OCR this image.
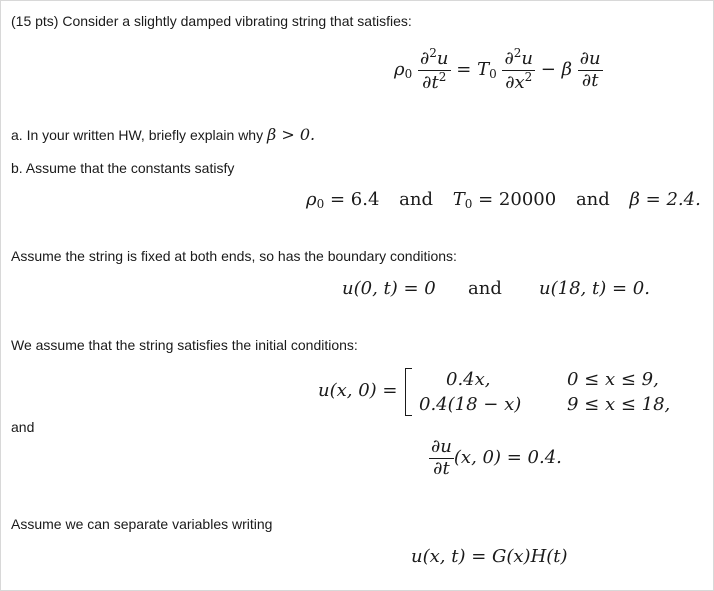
(15 pts) Consider a slightly damped vibrating string that satisfies:
$\rho_0 \frac{\partial^2u}{\partial t^2} = T_0 \frac{\partial^2u}{\partial x^2} - \beta \frac{\partial u}{\partial t}$
a. In your written HW, briefly explain why β > 0.
b. Assume that the constants satisfy
$\rho_0 = 6.4$ and $T_0 = 20000$ and β = 2.4.
Assume the string is fixed at both ends, so has the boundary conditions:
u(0, t) = 0 and u(18, t) = 0.
We assume that the string satisfies the initial conditions:
u(x, 0) =
0.4x,	0 ≤ x ≤ 9,
0.4(18 − x)	9 ≤ x ≤ 18,
and
$\frac{\partial u}{\partial t} (x$, 0) = 0.4.
Assume we can separate variables writing
u(x, t) = G(x)H(t)
